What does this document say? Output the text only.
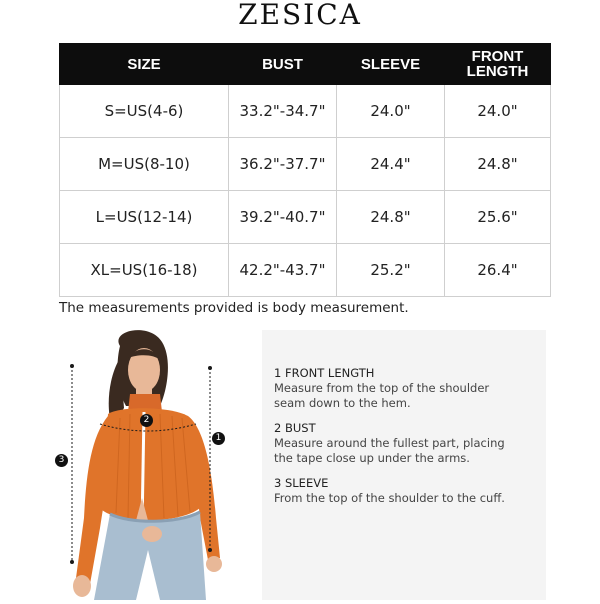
ZESICA
SIZE	BUST	SLEEVE	FRONT LENGTH
S=US(4-6)	33.2"-34.7"	24.0"	24.0"
M=US(8-10)	36.2"-37.7"	24.4"	24.8"
L=US(12-14)	39.2"-40.7"	24.8"	25.6"
XL=US(16-18)	42.2"-43.7"	25.2"	26.4"
The measurements provided is body measurement.
1
2
3
1 FRONT LENGTH
Measure from the top of the shoulder
seam down to the hem.
2 BUST
Measure around the fullest part, placing
the tape close up under the arms.
3 SLEEVE
From the top of the shoulder to the cuff.
